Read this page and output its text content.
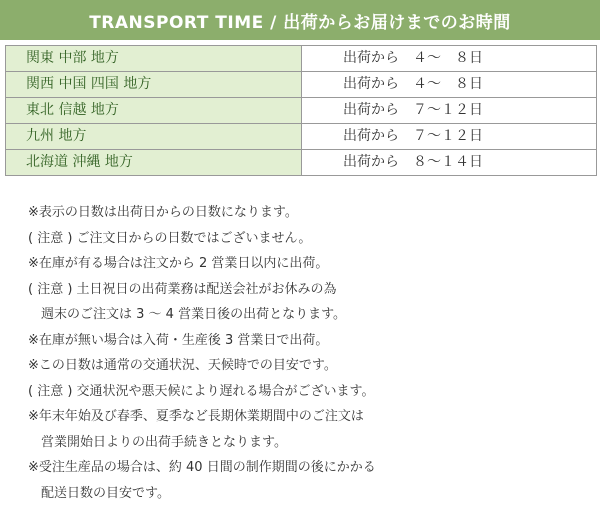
TRANSPORT TIME / 出荷からお届けまでのお時間
関東 中部 地方	出荷から　４～　８日
関西 中国 四国 地方	出荷から　４～　８日
東北 信越 地方	出荷から　７～１２日
九州 地方	出荷から　７～１２日
北海道 沖縄 地方	出荷から　８～１４日
※表示の日数は出荷日からの日数になります。
( 注意 ) ご注文日からの日数ではございません。
※在庫が有る場合は注文から 2 営業日以内に出荷。
( 注意 ) 土日祝日の出荷業務は配送会社がお休みの為
　週末のご注文は 3 ～ 4 営業日後の出荷となります。
※在庫が無い場合は入荷・生産後 3 営業日で出荷。
※この日数は通常の交通状況、天候時での目安です。
( 注意 ) 交通状況や悪天候により遅れる場合がございます。
※年末年始及び春季、夏季など長期休業期間中のご注文は
　営業開始日よりの出荷手続きとなります。
※受注生産品の場合は、約 40 日間の制作期間の後にかかる
　配送日数の目安です。
